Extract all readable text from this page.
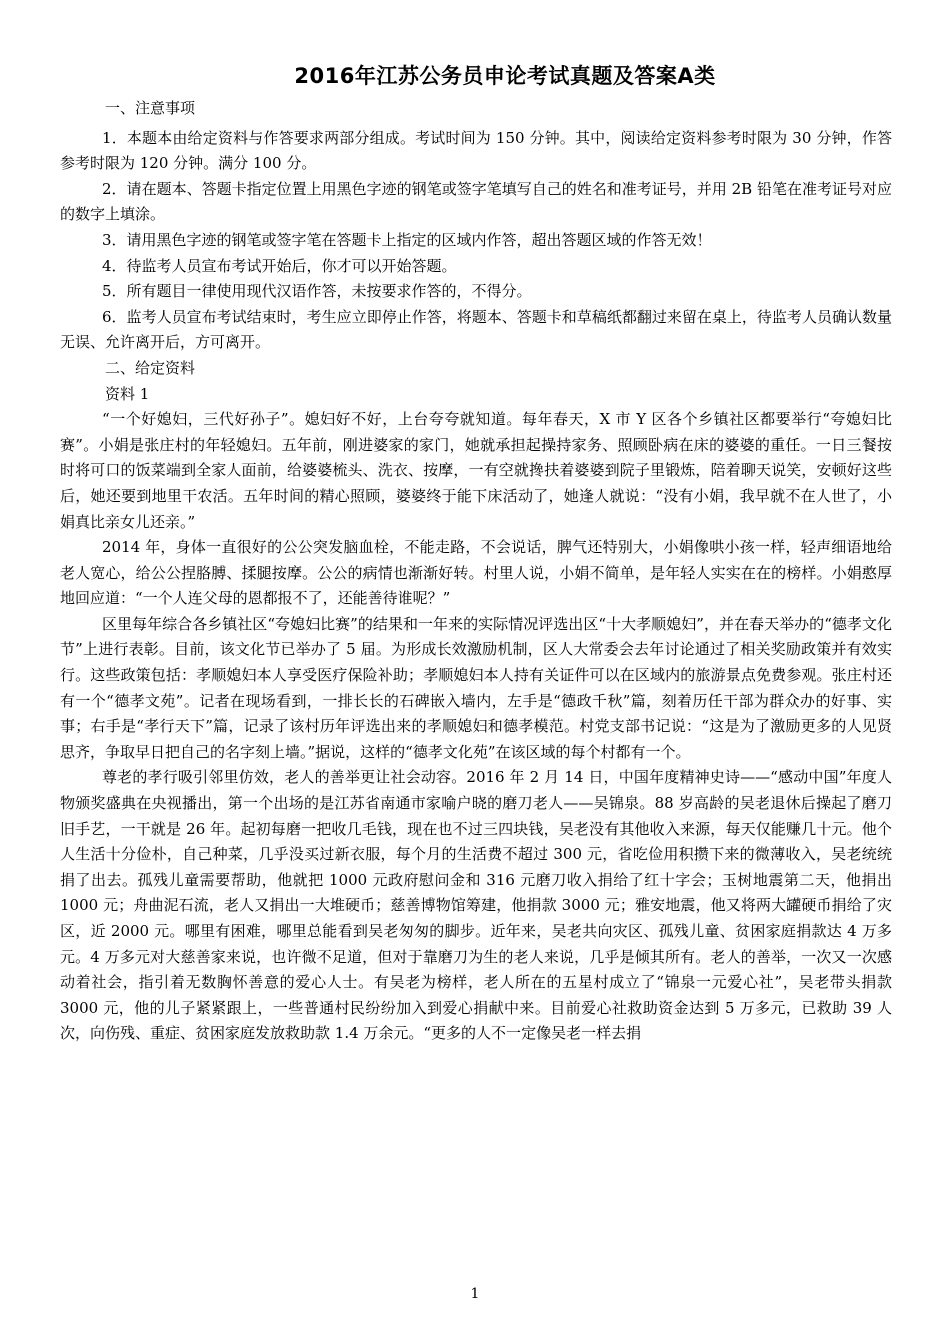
2016年江苏公务员申论考试真题及答案A类

一、注意事项

1．本题本由给定资料与作答要求两部分组成。考试时间为 150 分钟。其中，阅读给定资料参考时限为 30 分钟，作答参考时限为 120 分钟。满分 100 分。

2．请在题本、答题卡指定位置上用黑色字迹的钢笔或签字笔填写自己的姓名和准考证号，并用 2B 铅笔在准考证号对应的数字上填涂。

3．请用黑色字迹的钢笔或签字笔在答题卡上指定的区域内作答，超出答题区域的作答无效！

4．待监考人员宣布考试开始后，你才可以开始答题。

5．所有题目一律使用现代汉语作答，未按要求作答的，不得分。

6．监考人员宣布考试结束时，考生应立即停止作答，将题本、答题卡和草稿纸都翻过来留在桌上，待监考人员确认数量无误、允许离开后，方可离开。

二、给定资料

资料 1

“一个好媳妇，三代好孙子”。媳妇好不好，上台夸夸就知道。每年春天，X 市 Y 区各个乡镇社区都要举行“夸媳妇比赛”。小娟是张庄村的年轻媳妇。五年前，刚进婆家的家门，她就承担起操持家务、照顾卧病在床的婆婆的重任。一日三餐按时将可口的饭菜端到全家人面前，给婆婆梳头、洗衣、按摩，一有空就搀扶着婆婆到院子里锻炼，陪着聊天说笑，安顿好这些后，她还要到地里干农活。五年时间的精心照顾，婆婆终于能下床活动了，她逢人就说：“没有小娟，我早就不在人世了，小娟真比亲女儿还亲。”

2014 年，身体一直很好的公公突发脑血栓，不能走路，不会说话，脾气还特别大，小娟像哄小孩一样，轻声细语地给老人宽心，给公公捏胳膊、揉腿按摩。公公的病情也渐渐好转。村里人说，小娟不简单，是年轻人实实在在的榜样。小娟憨厚地回应道：“一个人连父母的恩都报不了，还能善待谁呢？”

区里每年综合各乡镇社区“夸媳妇比赛”的结果和一年来的实际情况评选出区“十大孝顺媳妇”，并在春天举办的“德孝文化节”上进行表彰。目前，该文化节已举办了 5 届。为形成长效激励机制，区人大常委会去年讨论通过了相关奖励政策并有效实行。这些政策包括：孝顺媳妇本人享受医疗保险补助；孝顺媳妇本人持有关证件可以在区域内的旅游景点免费参观。张庄村还有一个“德孝文苑”。记者在现场看到，一排长长的石碑嵌入墙内，左手是“德政千秋”篇，刻着历任干部为群众办的好事、实事；右手是“孝行天下”篇，记录了该村历年评选出来的孝顺媳妇和德孝模范。村党支部书记说：“这是为了激励更多的人见贤思齐，争取早日把自己的名字刻上墙。”据说，这样的“德孝文化苑”在该区域的每个村都有一个。

尊老的孝行吸引邻里仿效，老人的善举更让社会动容。2016 年 2 月 14 日，中国年度精神史诗——“感动中国”年度人物颁奖盛典在央视播出，第一个出场的是江苏省南通市家喻户晓的磨刀老人——吴锦泉。88 岁高龄的吴老退休后操起了磨刀旧手艺，一干就是 26 年。起初每磨一把收几毛钱，现在也不过三四块钱，吴老没有其他收入来源，每天仅能赚几十元。他个人生活十分俭朴，自己种菜，几乎没买过新衣服，每个月的生活费不超过 300 元，省吃俭用积攒下来的微薄收入，吴老统统捐了出去。孤残儿童需要帮助，他就把 1000 元政府慰问金和 316 元磨刀收入捐给了红十字会；玉树地震第二天，他捐出 1000 元；舟曲泥石流，老人又捐出一大堆硬币；慈善博物馆筹建，他捐款 3000 元；雅安地震，他又将两大罐硬币捐给了灾区，近 2000 元。哪里有困难，哪里总能看到吴老匆匆的脚步。近年来，吴老共向灾区、孤残儿童、贫困家庭捐款达 4 万多元。4 万多元对大慈善家来说，也许微不足道，但对于靠磨刀为生的老人来说，几乎是倾其所有。老人的善举，一次又一次感动着社会，指引着无数胸怀善意的爱心人士。有吴老为榜样，老人所在的五星村成立了“锦泉一元爱心社”，吴老带头捐款 3000 元，他的儿子紧紧跟上，一些普通村民纷纷加入到爱心捐献中来。目前爱心社救助资金达到 5 万多元，已救助 39 人次，向伤残、重症、贫困家庭发放救助款 1.4 万余元。“更多的人不一定像吴老一样去捐

1
